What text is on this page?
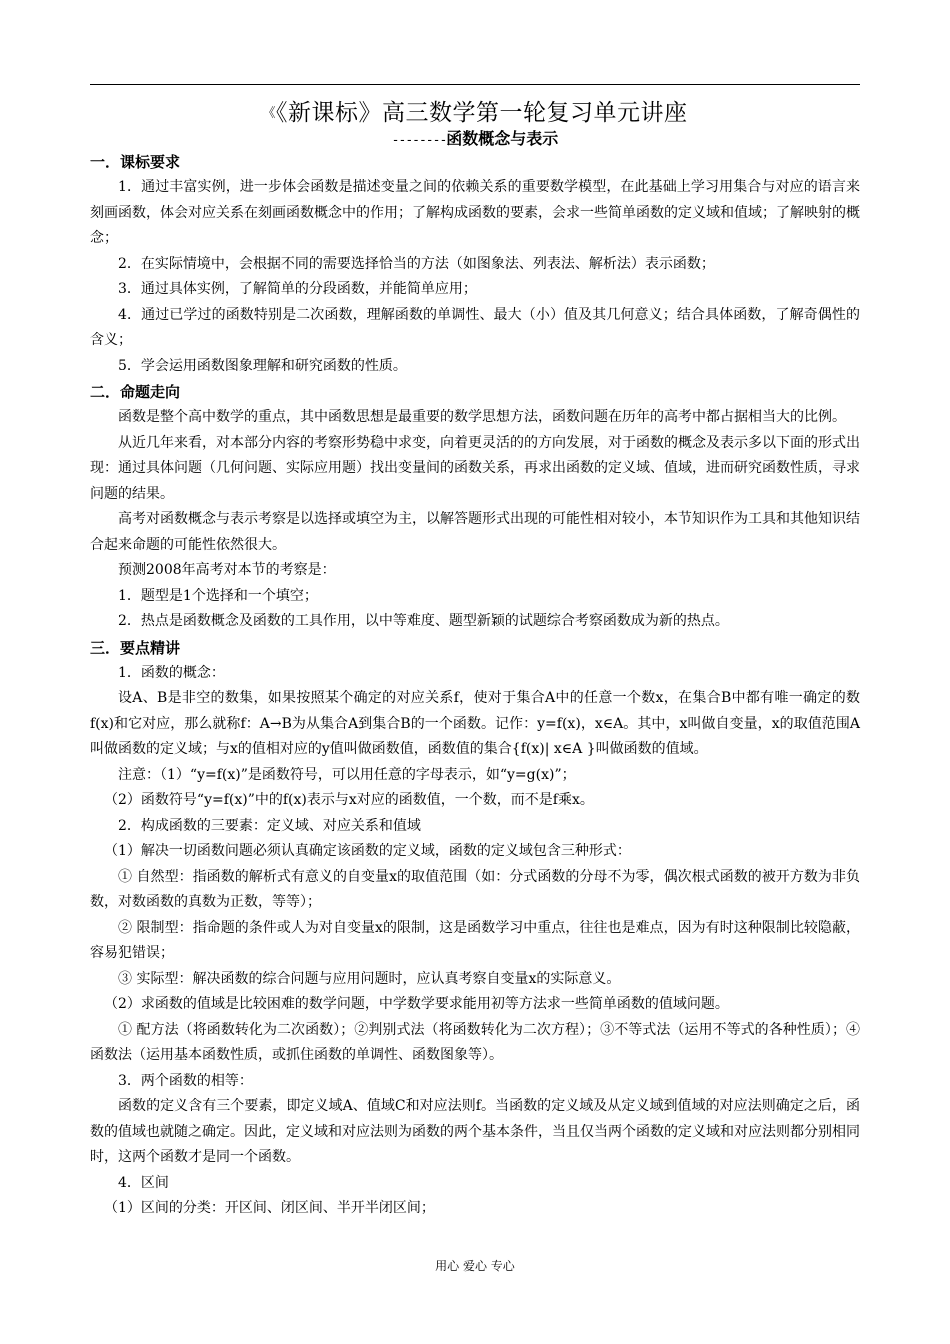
《《新课标》高三数学第一轮复习单元讲座
--------函数概念与表示

一．课标要求

1．通过丰富实例，进一步体会函数是描述变量之间的依赖关系的重要数学模型，在此基础上学习用集合与对应的语言来刻画函数，体会对应关系在刻画函数概念中的作用；了解构成函数的要素，会求一些简单函数的定义域和值域；了解映射的概念；

2．在实际情境中，会根据不同的需要选择恰当的方法（如图象法、列表法、解析法）表示函数；

3．通过具体实例，了解简单的分段函数，并能简单应用；

4．通过已学过的函数特别是二次函数，理解函数的单调性、最大（小）值及其几何意义；结合具体函数，了解奇偶性的含义；

5．学会运用函数图象理解和研究函数的性质。

二．命题走向

函数是整个高中数学的重点，其中函数思想是最重要的数学思想方法，函数问题在历年的高考中都占据相当大的比例。

从近几年来看，对本部分内容的考察形势稳中求变，向着更灵活的的方向发展，对于函数的概念及表示多以下面的形式出现：通过具体问题（几何问题、实际应用题）找出变量间的函数关系，再求出函数的定义域、值域，进而研究函数性质，寻求问题的结果。

高考对函数概念与表示考察是以选择或填空为主，以解答题形式出现的可能性相对较小，本节知识作为工具和其他知识结合起来命题的可能性依然很大。

预测2008年高考对本节的考察是：

1．题型是1个选择和一个填空；

2．热点是函数概念及函数的工具作用，以中等难度、题型新颖的试题综合考察函数成为新的热点。

三．要点精讲

1．函数的概念：

设A、B是非空的数集，如果按照某个确定的对应关系f，使对于集合A中的任意一个数x，在集合B中都有唯一确定的数f(x)和它对应，那么就称f：A→B为从集合A到集合B的一个函数。记作：y=f(x)，x∈A。其中，x叫做自变量，x的取值范围A叫做函数的定义域；与x的值相对应的y值叫做函数值，函数值的集合{f(x)| x∈A }叫做函数的值域。

注意：（1）“y=f(x)”是函数符号，可以用任意的字母表示，如“y=g(x)”；

（2）函数符号“y=f(x)”中的f(x)表示与x对应的函数值，一个数，而不是f乘x。

2．构成函数的三要素：定义域、对应关系和值域

（1）解决一切函数问题必须认真确定该函数的定义域，函数的定义域包含三种形式：

① 自然型：指函数的解析式有意义的自变量x的取值范围（如：分式函数的分母不为零，偶次根式函数的被开方数为非负数，对数函数的真数为正数，等等）；

② 限制型：指命题的条件或人为对自变量x的限制，这是函数学习中重点，往往也是难点，因为有时这种限制比较隐蔽，容易犯错误；

③ 实际型：解决函数的综合问题与应用问题时，应认真考察自变量x的实际意义。

（2）求函数的值域是比较困难的数学问题，中学数学要求能用初等方法求一些简单函数的值域问题。

① 配方法（将函数转化为二次函数）；②判别式法（将函数转化为二次方程）；③不等式法（运用不等式的各种性质）；④函数法（运用基本函数性质，或抓住函数的单调性、函数图象等）。

3．两个函数的相等：

函数的定义含有三个要素，即定义域A、值域C和对应法则f。当函数的定义域及从定义域到值域的对应法则确定之后，函数的值域也就随之确定。因此，定义域和对应法则为函数的两个基本条件，当且仅当两个函数的定义域和对应法则都分别相同时，这两个函数才是同一个函数。

4．区间

（1）区间的分类：开区间、闭区间、半开半闭区间；

用心 爱心 专心
